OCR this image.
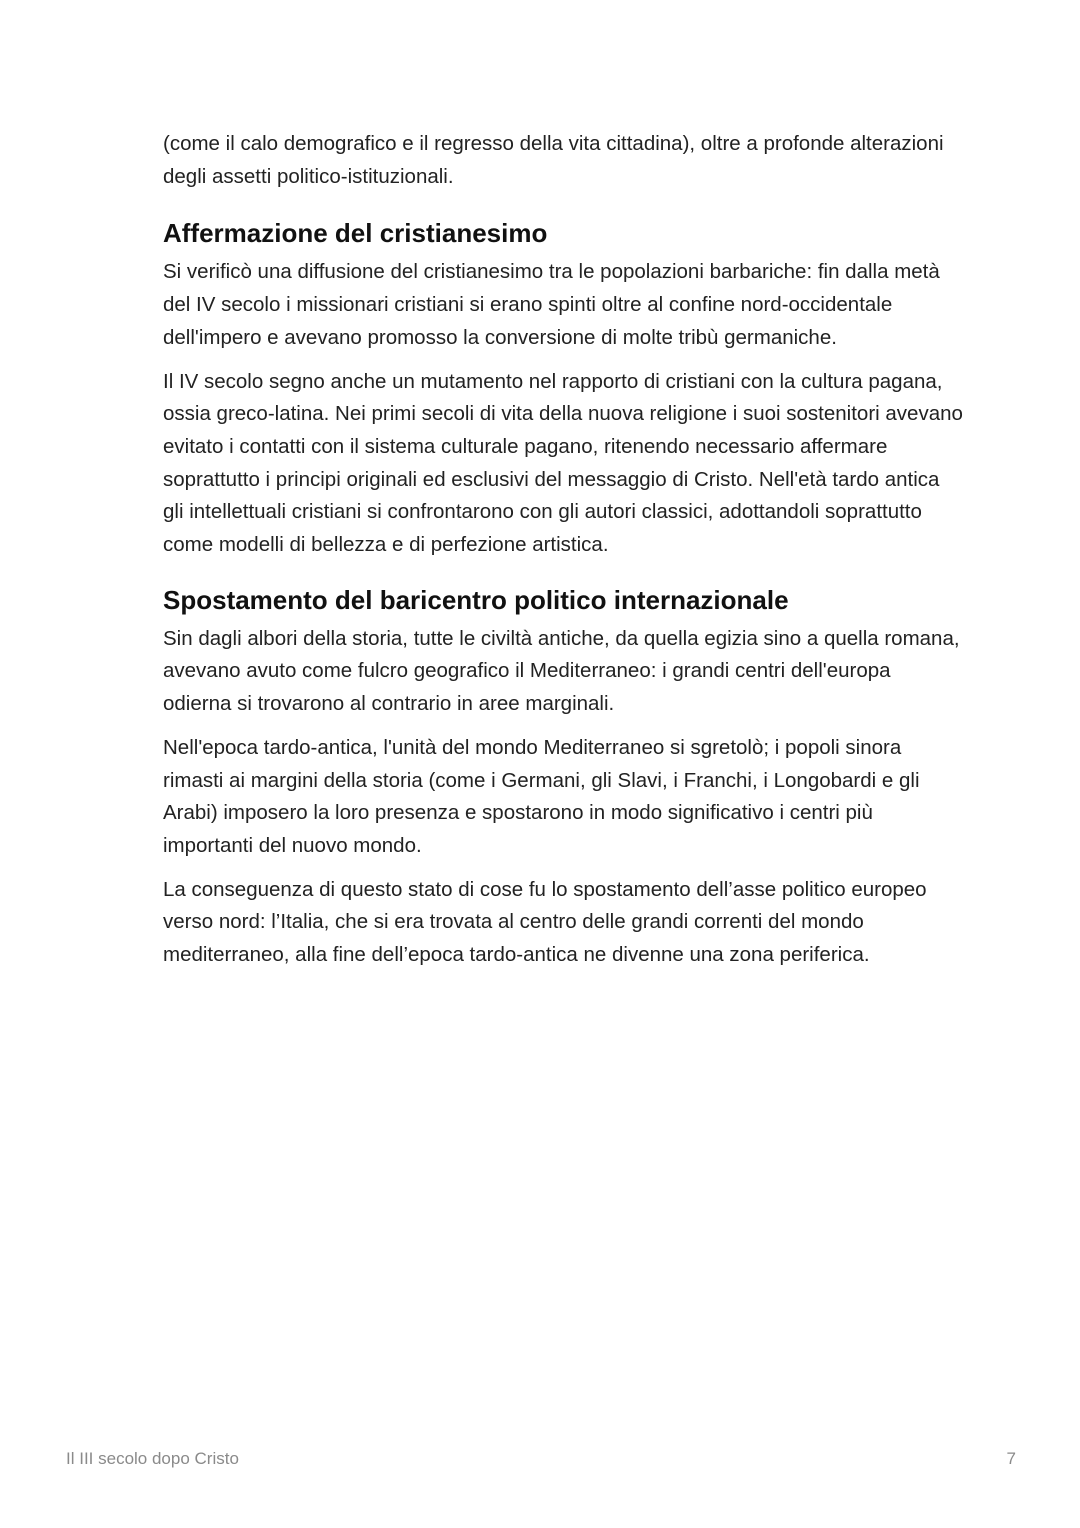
(come il calo demografico e il regresso della vita cittadina), oltre a profonde alterazioni degli assetti politico-istituzionali.

Affermazione del cristianesimo

Si verificò una diffusione del cristianesimo tra le popolazioni barbariche: fin dalla metà del IV secolo i missionari cristiani si erano spinti oltre al confine nord-occidentale dell'impero e avevano promosso la conversione di molte tribù germaniche.

Il IV secolo segno anche un mutamento nel rapporto di cristiani con la cultura pagana, ossia greco-latina. Nei primi secoli di vita della nuova religione i suoi sostenitori avevano evitato i contatti con il sistema culturale pagano, ritenendo necessario affermare soprattutto i principi originali ed esclusivi del messaggio di Cristo. Nell'età tardo antica gli intellettuali cristiani si confrontarono con gli autori classici, adottandoli soprattutto come modelli di bellezza e di perfezione artistica.

Spostamento del baricentro politico internazionale

Sin dagli albori della storia, tutte le civiltà antiche, da quella egizia sino a quella romana, avevano avuto come fulcro geografico il Mediterraneo: i grandi centri dell'europa odierna si trovarono al contrario in aree marginali.

Nell'epoca tardo-antica, l'unità del mondo Mediterraneo si sgretolò; i popoli sinora rimasti ai margini della storia (come i Germani, gli Slavi, i Franchi, i Longobardi e gli Arabi) imposero la loro presenza e spostarono in modo significativo i centri più importanti del nuovo mondo.

La conseguenza di questo stato di cose fu lo spostamento dell’asse politico europeo verso nord: l’Italia, che si era trovata al centro delle grandi correnti del mondo mediterraneo, alla fine dell’epoca tardo-antica ne divenne una zona periferica.

Il III secolo dopo Cristo	7
